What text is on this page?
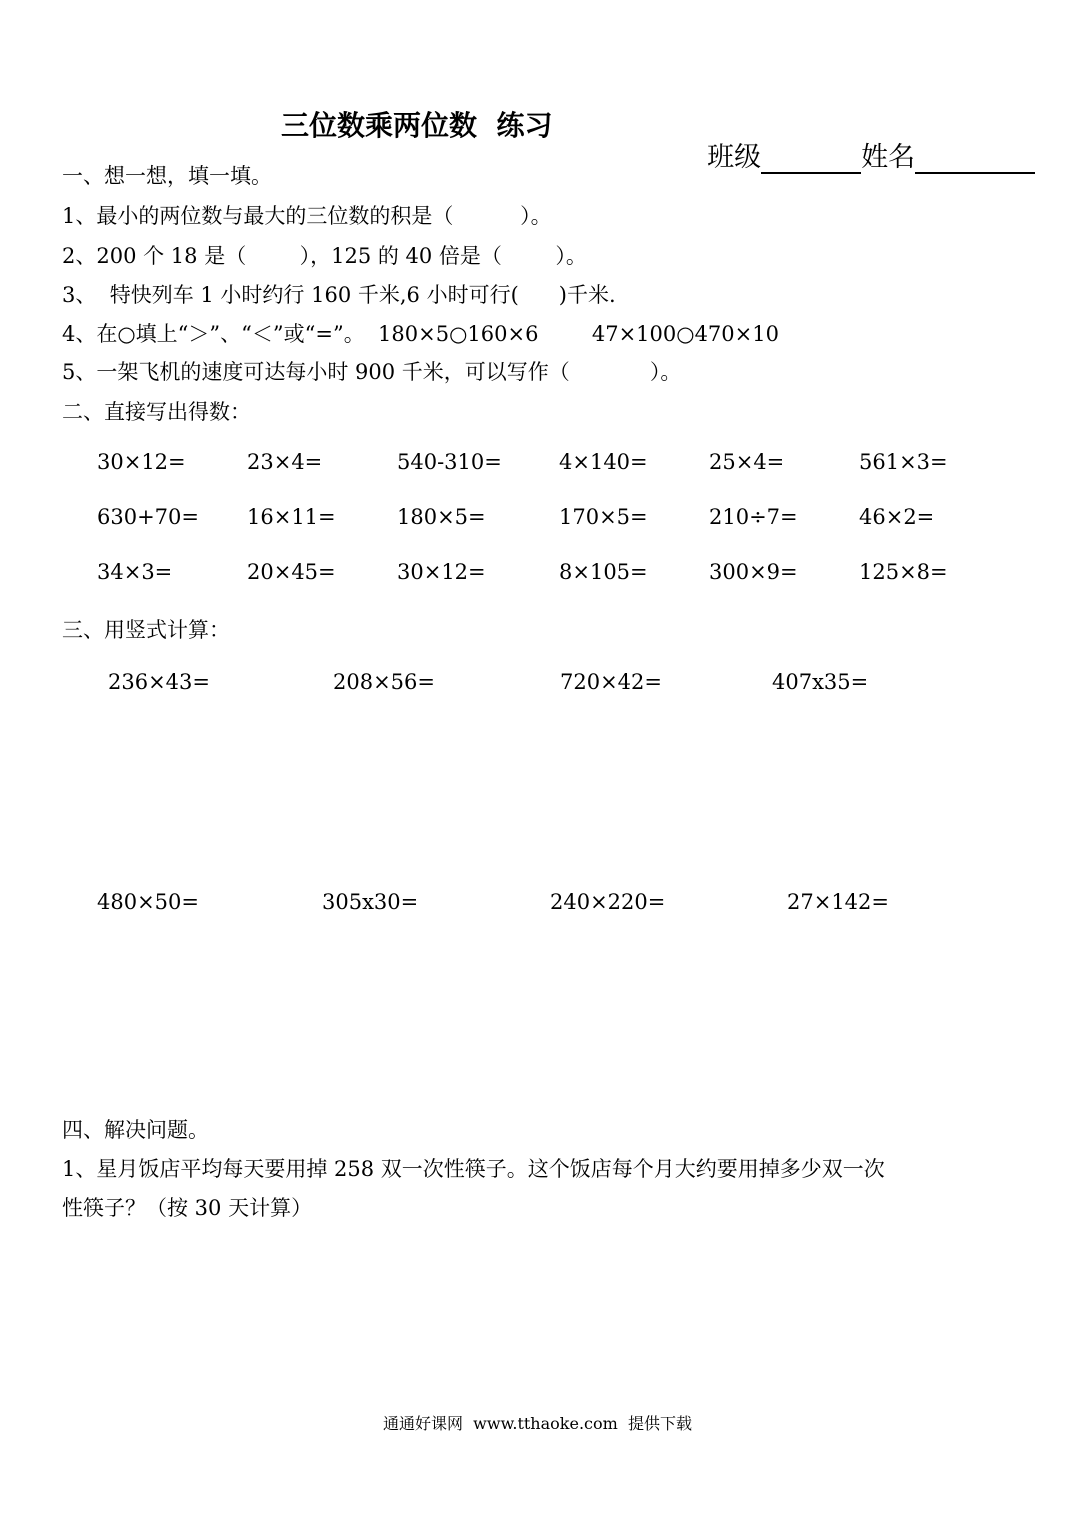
三位数乘两位数  练习

班级	姓名

一、想一想，填一填。
1、最小的两位数与最大的三位数的积是（          ）。
2、200 个 18 是（        ），125 的 40 倍是（        ）。
3、  特快列车 1 小时约行 160 千米,6 小时可行(      )千米.
4、在○填上“＞”、“＜”或“=”。  180×5○160×6        47×100○470×10
5、一架飞机的速度可达每小时 900 千米，可以写作（            ）。
二、直接写出得数：
30×12=	23×4=	540-310=	4×140=	25×4=	561×3=
630+70= 16×11=	180×5=	170×5=	210÷7=	46×2=
34×3=	20×45=	30×12=	8×105=	300×9=	125×8=
三、用竖式计算：
236×43=	208×56=	720×42=	407x35=
480×50=	305x30=	240×220=	27×142=
四、解决问题。
1、星月饭店平均每天要用掉 258 双一次性筷子。这个饭店每个月大约要用掉多少双一次
性筷子？（按 30 天计算）
通通好课网  www.tthaoke.com  提供下载
